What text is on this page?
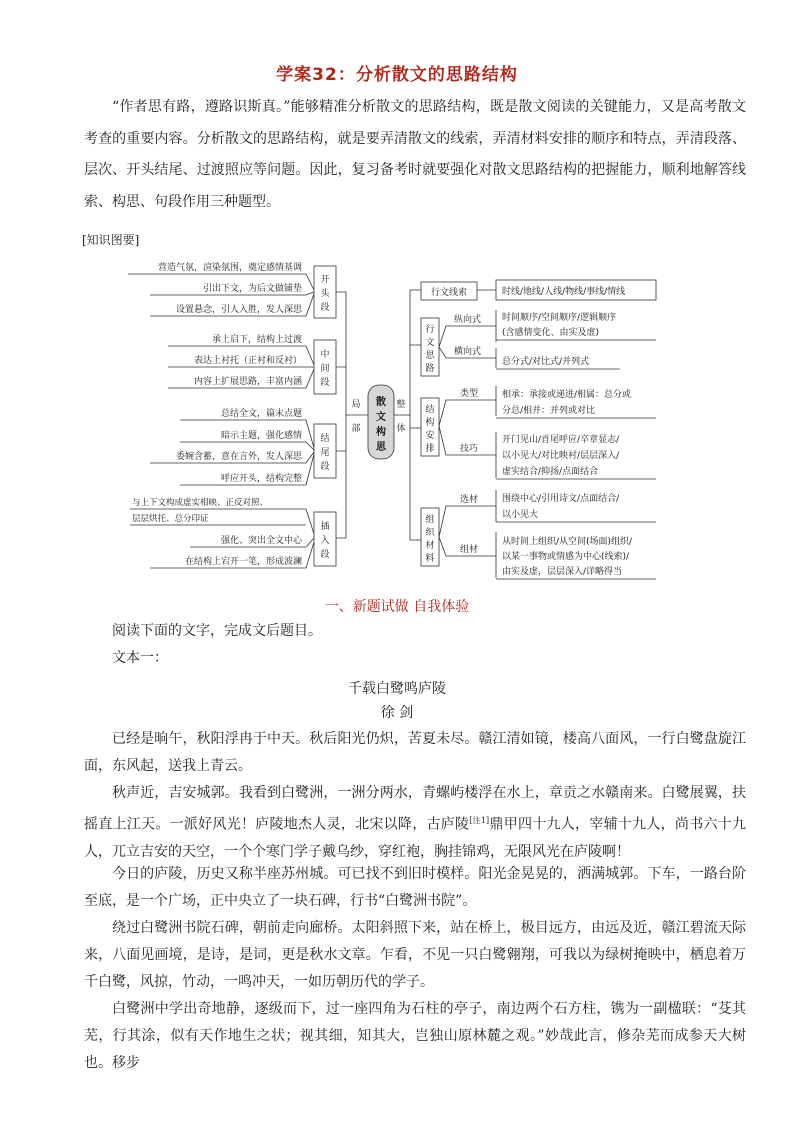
学案32：分析散文的思路结构
“作者思有路，遵路识斯真。”能够精准分析散文的思路结构，既是散文阅读的关键能力，又是高考散文考查的重要内容。分析散文的思路结构，就是要弄清散文的线索，弄清材料安排的顺序和特点，弄清段落、层次、开头结尾、过渡照应等问题。因此，复习备考时就要强化对散文思路结构的把握能力，顺利地解答线索、构思、句段作用三种题型。
[知识图要]
营造气氛，渲染氛围，奠定感情基调
引出下文，为后文做铺垫
设置悬念，引人入胜，发人深思
开
头
段
承上启下，结构上过渡
表达上衬托（正衬和反衬）
内容上扩展思路，丰富内涵
中
间
段
总结全文，篇末点题
暗示主题，强化感情
委婉含蓄，意在言外，发人深思
呼应开头，结构完整
结
尾
段
与上下文构成虚实相映、正反对照、
层层烘托、总分印证
强化、突出全文中心
在结构上宕开一笔，形成波澜
插
入
段
局
部
散
文
构
思
整
体
行文线索	时线/地线/人线/物线/事线/情线
行
文
思
路
纵向式
横向式
时间顺序/空间顺序/逻辑顺序
(含感情变化、由实及虚)
总分式/对比式/并列式
结
构
安
排
类型
技巧
相承：承接或递进/相属：总分或
分总/相并：并列或对比
开门见山/首尾呼应/卒章显志/
以小见大/对比映衬/层层深入/
虚实结合/抑扬/点面结合
组
织
材
料
选材
组材
围绕中心/引用诗文/点面结合/
以小见大
从时间上组织/从空间(场面)组织/
以某一事物或情感为中心(线索)/
由实及虚，层层深入/详略得当
一、新题试做 自我体验
阅读下面的文字，完成文后题目。
文本一：
千载白鹭鸣庐陵
徐 剑
已经是晌午，秋阳浮冉于中天。秋后阳光仍炽，苦夏未尽。赣江清如镜，楼高八面风，一行白鹭盘旋江面，东风起，送我上青云。
秋声近，吉安城郭。我看到白鹭洲，一洲分两水，青螺屿楼浮在水上，章贡之水赣南来。白鹭展翼，扶摇直上江天。一派好风光！庐陵地杰人灵，北宋以降，古庐陵[注1]鼎甲四十九人，宰辅十九人，尚书六十九人，兀立吉安的天空，一个个寒门学子戴乌纱，穿红袍，胸挂锦鸡，无限风光在庐陵啊！
今日的庐陵，历史又称半座苏州城。可已找不到旧时模样。阳光金晃晃的，洒满城郭。下车，一路台阶至底，是一个广场，正中央立了一块石碑，行书“白鹭洲书院”。
绕过白鹭洲书院石碑，朝前走向廊桥。太阳斜照下来，站在桥上，极目远方，由远及近，赣江碧流天际来，八面见画境，是诗，是词，更是秋水文章。乍看，不见一只白鹭翱翔，可我以为绿树掩映中，栖息着万千白鹭，风掠，竹动，一鸣冲天，一如历朝历代的学子。
白鹭洲中学出奇地静，逐级而下，过一座四角为石柱的亭子，南边两个石方柱，镌为一副楹联：“芟其芜，行其涂，似有天作地生之状；视其细，知其大，岂独山原林麓之观。”妙哉此言，修杂芜而成参天大树也。移步
